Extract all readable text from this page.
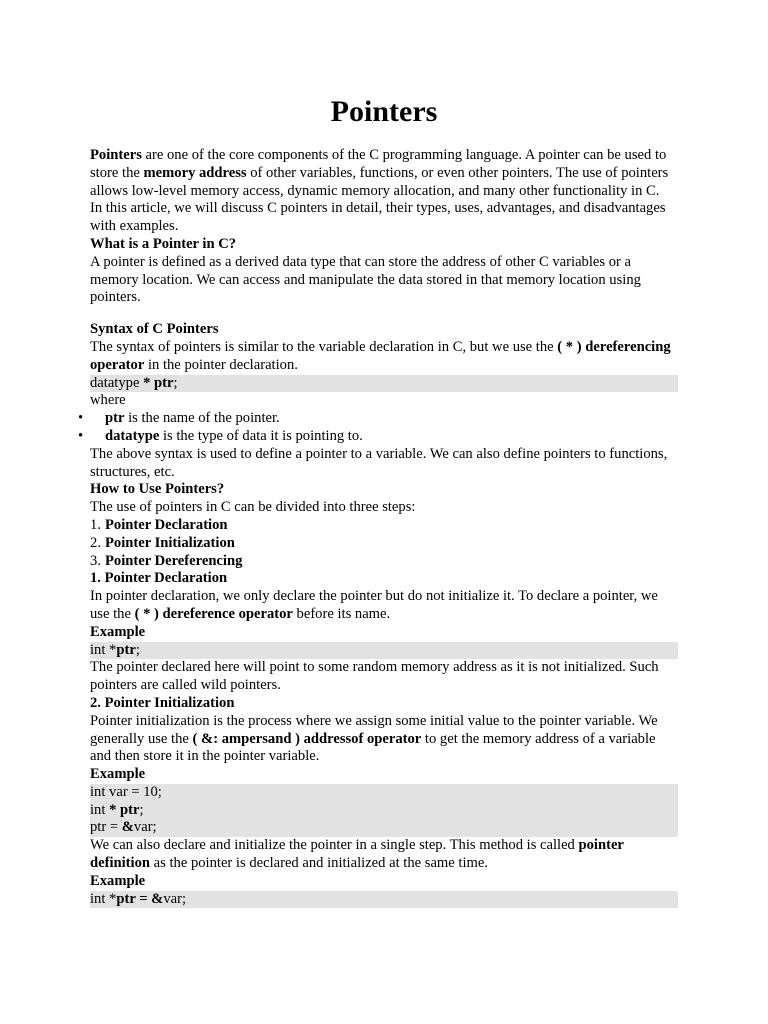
Pointers

Pointers are one of the core components of the C programming language. A pointer can be used to store the memory address of other variables, functions, or even other pointers. The use of pointers allows low-level memory access, dynamic memory allocation, and many other functionality in C.

In this article, we will discuss C pointers in detail, their types, uses, advantages, and disadvantages with examples.

What is a Pointer in C?

A pointer is defined as a derived data type that can store the address of other C variables or a memory location. We can access and manipulate the data stored in that memory location using pointers.

Syntax of C Pointers

The syntax of pointers is similar to the variable declaration in C, but we use the ( * ) dereferencing operator in the pointer declaration.

datatype * ptr;

where

• ptr is the name of the pointer.
• datatype is the type of data it is pointing to.

The above syntax is used to define a pointer to a variable. We can also define pointers to functions, structures, etc.

How to Use Pointers?

The use of pointers in C can be divided into three steps:

1. Pointer Declaration
2. Pointer Initialization
3. Pointer Dereferencing
1. Pointer Declaration

In pointer declaration, we only declare the pointer but do not initialize it. To declare a pointer, we use the ( * ) dereference operator before its name.

Example
int *ptr;

The pointer declared here will point to some random memory address as it is not initialized. Such pointers are called wild pointers.

2. Pointer Initialization

Pointer initialization is the process where we assign some initial value to the pointer variable. We generally use the ( &: ampersand ) addressof operator to get the memory address of a variable and then store it in the pointer variable.

Example
int var = 10;
int * ptr;
ptr = &var;

We can also declare and initialize the pointer in a single step. This method is called pointer definition as the pointer is declared and initialized at the same time.

Example
int *ptr = &var;
